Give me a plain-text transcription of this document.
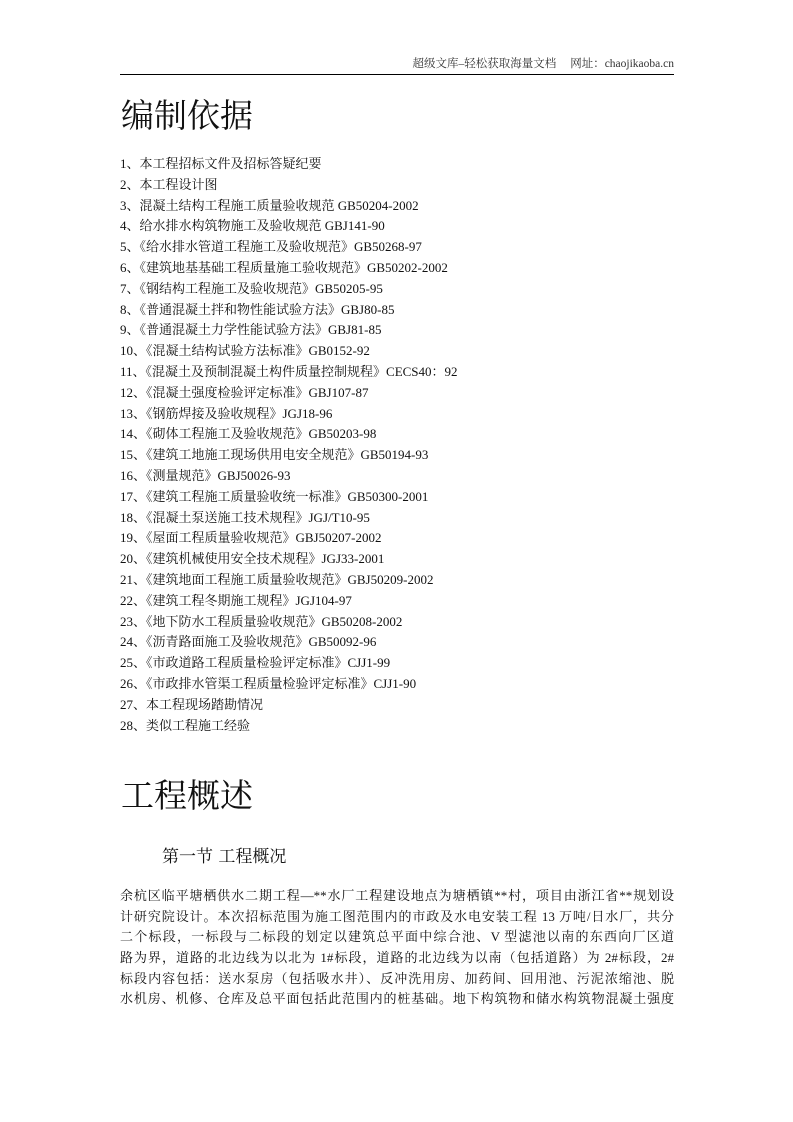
超级文库–轻松获取海量文档 网址：chaojikaoba.cn
编制依据
1、本工程招标文件及招标答疑纪要
2、本工程设计图
3、混凝土结构工程施工质量验收规范 GB50204-2002
4、给水排水构筑物施工及验收规范 GBJ141-90
5、《给水排水管道工程施工及验收规范》GB50268-97
6、《建筑地基基础工程质量施工验收规范》GB50202-2002
7、《钢结构工程施工及验收规范》GB50205-95
8、《普通混凝土拌和物性能试验方法》GBJ80-85
9、《普通混凝土力学性能试验方法》GBJ81-85
10、《混凝土结构试验方法标准》GB0152-92
11、《混凝土及预制混凝土构件质量控制规程》CECS40：92
12、《混凝土强度检验评定标准》GBJ107-87
13、《钢筋焊接及验收规程》JGJ18-96
14、《砌体工程施工及验收规范》GB50203-98
15、《建筑工地施工现场供用电安全规范》GB50194-93
16、《测量规范》GBJ50026-93
17、《建筑工程施工质量验收统一标准》GB50300-2001
18、《混凝土泵送施工技术规程》JGJ/T10-95
19、《屋面工程质量验收规范》GBJ50207-2002
20、《建筑机械使用安全技术规程》JGJ33-2001
21、《建筑地面工程施工质量验收规范》GBJ50209-2002
22、《建筑工程冬期施工规程》JGJ104-97
23、《地下防水工程质量验收规范》GB50208-2002
24、《沥青路面施工及验收规范》GB50092-96
25、《市政道路工程质量检验评定标准》CJJ1-99
26、《市政排水管渠工程质量检验评定标准》CJJ1-90
27、本工程现场踏勘情况
28、类似工程施工经验
工程概述
第一节 工程概况

余杭区临平塘栖供水二期工程—**水厂工程建设地点为塘栖镇**村，项目由浙江省**规划设
计研究院设计。本次招标范围为施工图范围内的市政及水电安装工程 13 万吨/日水厂，共分
二个标段，一标段与二标段的划定以建筑总平面中综合池、V 型滤池以南的东西向厂区道
路为界，道路的北边线为以北为 1#标段，道路的北边线为以南（包括道路）为 2#标段，2#
标段内容包括：送水泵房（包括吸水井）、反冲洗用房、加药间、回用池、污泥浓缩池、脱
水机房、机修、仓库及总平面包括此范围内的桩基础。地下构筑物和储水构筑物混凝土强度
